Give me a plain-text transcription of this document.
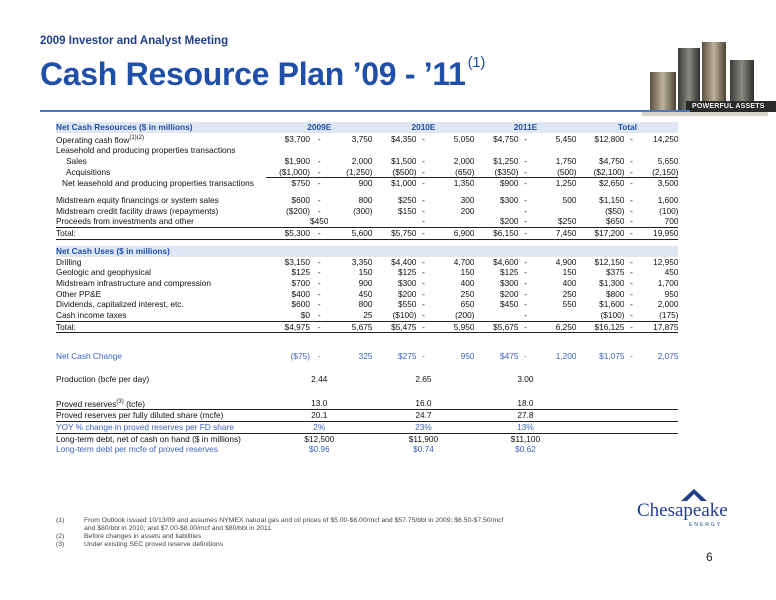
2009 Investor and Analyst Meeting
Cash Resource Plan ’09 - ’11 $^{(1)}$
POWERFUL ASSETS
Net Cash Resources ($ in millions)	2009E			2010E			2011E			Total		
Operating cash flow$^{(1)(2)}$	$3,700	-	3,750	$4,350	-	5,050	$4,750	-	5,450	$12,800	-	14,250
Leasehold and producing properties transactions												
Sales	$1,900	-	2,000	$1,500	-	2,000	$1,250	-	1,750	$4,750	-	5,650
Acquisitions	($1,000)	-	(1,250)	($500)	-	(650)	($350)	-	(500)	($2,100)	-	(2,150)
Net leasehold and producing properties transactions	$750	-	900	$1,000	-	1,350	$900	-	1,250	$2,650	-	3,500

Midstream equity financings or system sales	$600	-	800	$250	-	300	$300	-	500	$1,150	-	1,600
Midstream credit facility draws (repayments)	($200)	-	(300)	$150	-	200		-		($50)	-	(100)
Proceeds from investments and other		$450			-		$200	-	$250	$650	-	700
Total:	$5,300	-	5,600	$5,750	-	6,900	$6,150	-	7,450	$17,200	-	19,950

Net Cash Uses ($ in millions)												
Drilling	$3,150	-	3,350	$4,400	-	4,700	$4,600	-	4,900	$12,150	-	12,950
Geologic and geophysical	$125	-	150	$125	-	150	$125	-	150	$375	-	450
Midstream infrastructure and compression	$700	-	900	$300	-	400	$300	-	400	$1,300	-	1,700
Other PP&E	$400	-	450	$200	-	250	$200	-	250	$800	-	950
Dividends, capitalized interest, etc.	$600	-	800	$550	-	650	$450	-	550	$1,600	-	2,000
Cash income taxes	$0	-	25	($100)	-	(200)		-		($100)	-	(175)
Total:	$4,975	-	5,675	$5,475	-	5,950	$5,675	-	6,250	$16,125	-	17,875

Net Cash Change	($75)	-	325	$275	-	950	$475	-	1,200	$1,075	-	2,075

Production (bcfe per day)	2.44			2.65			3.00					

Proved reserves$^{(3)}$ (tcfe)	13.0			16.0			18.0					
Proved reserves per fully diluted share (mcfe)	20.1			24.7			27.8					
YOY % change in proved reserves per FD share	2%			23%			13%					
Long-term debt, net of cash on hand ($ in millions)	$12,500			$11,900			$11,100					
Long-term debt per mcfe of proved reserves	$0.96			$0.74			$0.62					
Chesapeake
ENERGY
(1)	From Outlook issued 10/13/09 and assumes NYMEX natural gas and oil prices of $5.00-$6.00/mcf and $57.75/bbl in 2009; $6.50-$7.50/mcf
and $80/bbl in 2010; and $7.00-$8.00/mcf and $80/bbl in 2011
(2)	Before changes in assets and liabilities
(3)	Under existing SEC proved reserve definitions
6
